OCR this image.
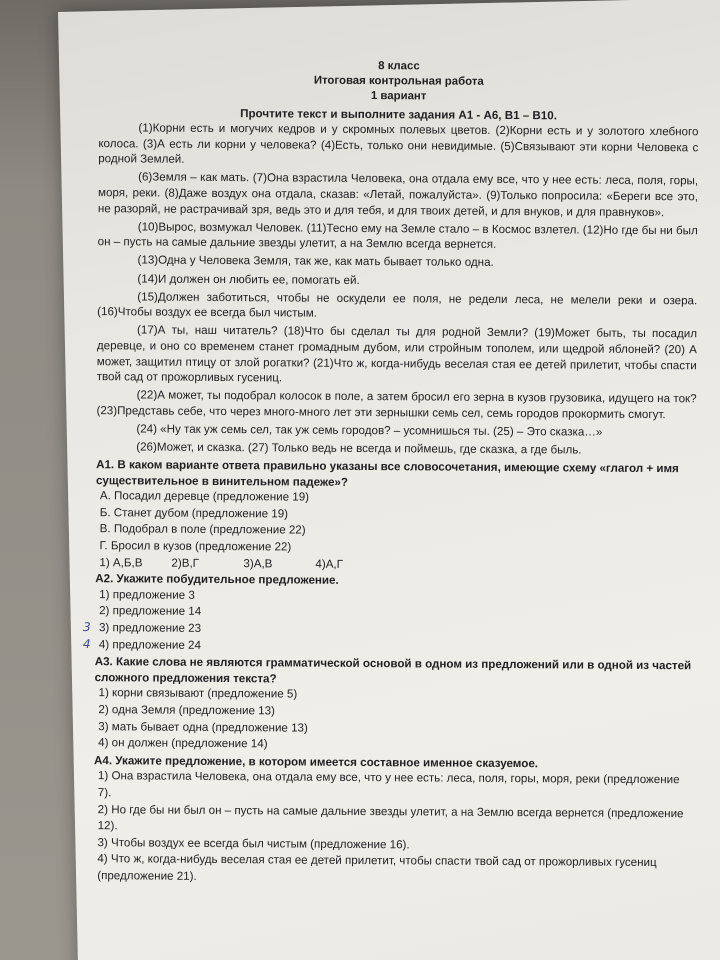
8 класс
Итоговая контрольная работа
1 вариант
Прочтите текст и выполните задания А1 - А6, В1 – В10.

(1)Корни есть и могучих кедров и у скромных полевых цветов. (2)Корни есть и у золотого хлебного колоса. (3)А есть ли корни у человека? (4)Есть, только они невидимые. (5)Связывают эти корни Человека с родной Землей.

(6)Земля – как мать. (7)Она взрастила Человека, она отдала ему все, что у нее есть: леса, поля, горы, моря, реки. (8)Даже воздух она отдала, сказав: «Летай, пожалуйста». (9)Только попросила: «Береги все это, не разоряй, не растрачивай зря, ведь это и для тебя, и для твоих детей, и для внуков, и для правнуков».

(10)Вырос, возмужал Человек. (11)Тесно ему на Земле стало – в Космос взлетел. (12)Но где бы ни был он – пусть на самые дальние звезды улетит, а на Землю всегда вернется.

(13)Одна у Человека Земля, так же, как мать бывает только одна.

(14)И должен он любить ее, помогать ей.

(15)Должен заботиться, чтобы не оскудели ее поля, не редели леса, не мелели реки и озера. (16)Чтобы воздух ее всегда был чистым.

(17)А ты, наш читатель? (18)Что бы сделал ты для родной Земли? (19)Может быть, ты посадил деревце, и оно со временем станет громадным дубом, или стройным тополем, или щедрой яблоней? (20) А может, защитил птицу от злой рогатки? (21)Что ж, когда-нибудь веселая стая ее детей прилетит, чтобы спасти твой сад от прожорливых гусениц.

(22)А может, ты подобрал колосок в поле, а затем бросил его зерна в кузов грузовика, идущего на ток? (23)Представь себе, что через много-много лет эти зернышки семь сел, семь городов прокормить смогут.

(24) «Ну так уж семь сел, так уж семь городов? – усомнишься ты. (25) – Это сказка…»

(26)Может, и сказка. (27) Только ведь не всегда и поймешь, где сказка, а где быль.

А1. В каком варианте ответа правильно указаны все словосочетания, имеющие схему «глагол + имя существительное в винительном падеже»?
А. Посадил деревце (предложение 19)
Б. Станет дубом (предложение 19)
В. Подобрал в поле (предложение 22)
Г. Бросил в кузов (предложение 22)
1) А,Б,В	2)В,Г	3)А,В	4)А,Г
А2. Укажите побудительное предложение.
1) предложение 3
2) предложение 14
3) предложение 23
4) предложение 24
3
4
А3. Какие слова не являются грамматической основой в одном из предложений или в одной из частей сложного предложения текста?
1) корни связывают (предложение 5)
2) одна Земля (предложение 13)
3) мать бывает одна (предложение 13)
4) он должен (предложение 14)
А4. Укажите предложение, в котором имеется составное именное сказуемое.
1) Она взрастила Человека, она отдала ему все, что у нее есть: леса, поля, горы, моря, реки (предложение 7).
2) Но где бы ни был он – пусть на самые дальние звезды улетит, а на Землю всегда вернется (предложение 12).
3) Чтобы воздух ее всегда был чистым (предложение 16).
4) Что ж, когда-нибудь веселая стая ее детей прилетит, чтобы спасти твой сад от прожорливых гусениц (предложение 21).
